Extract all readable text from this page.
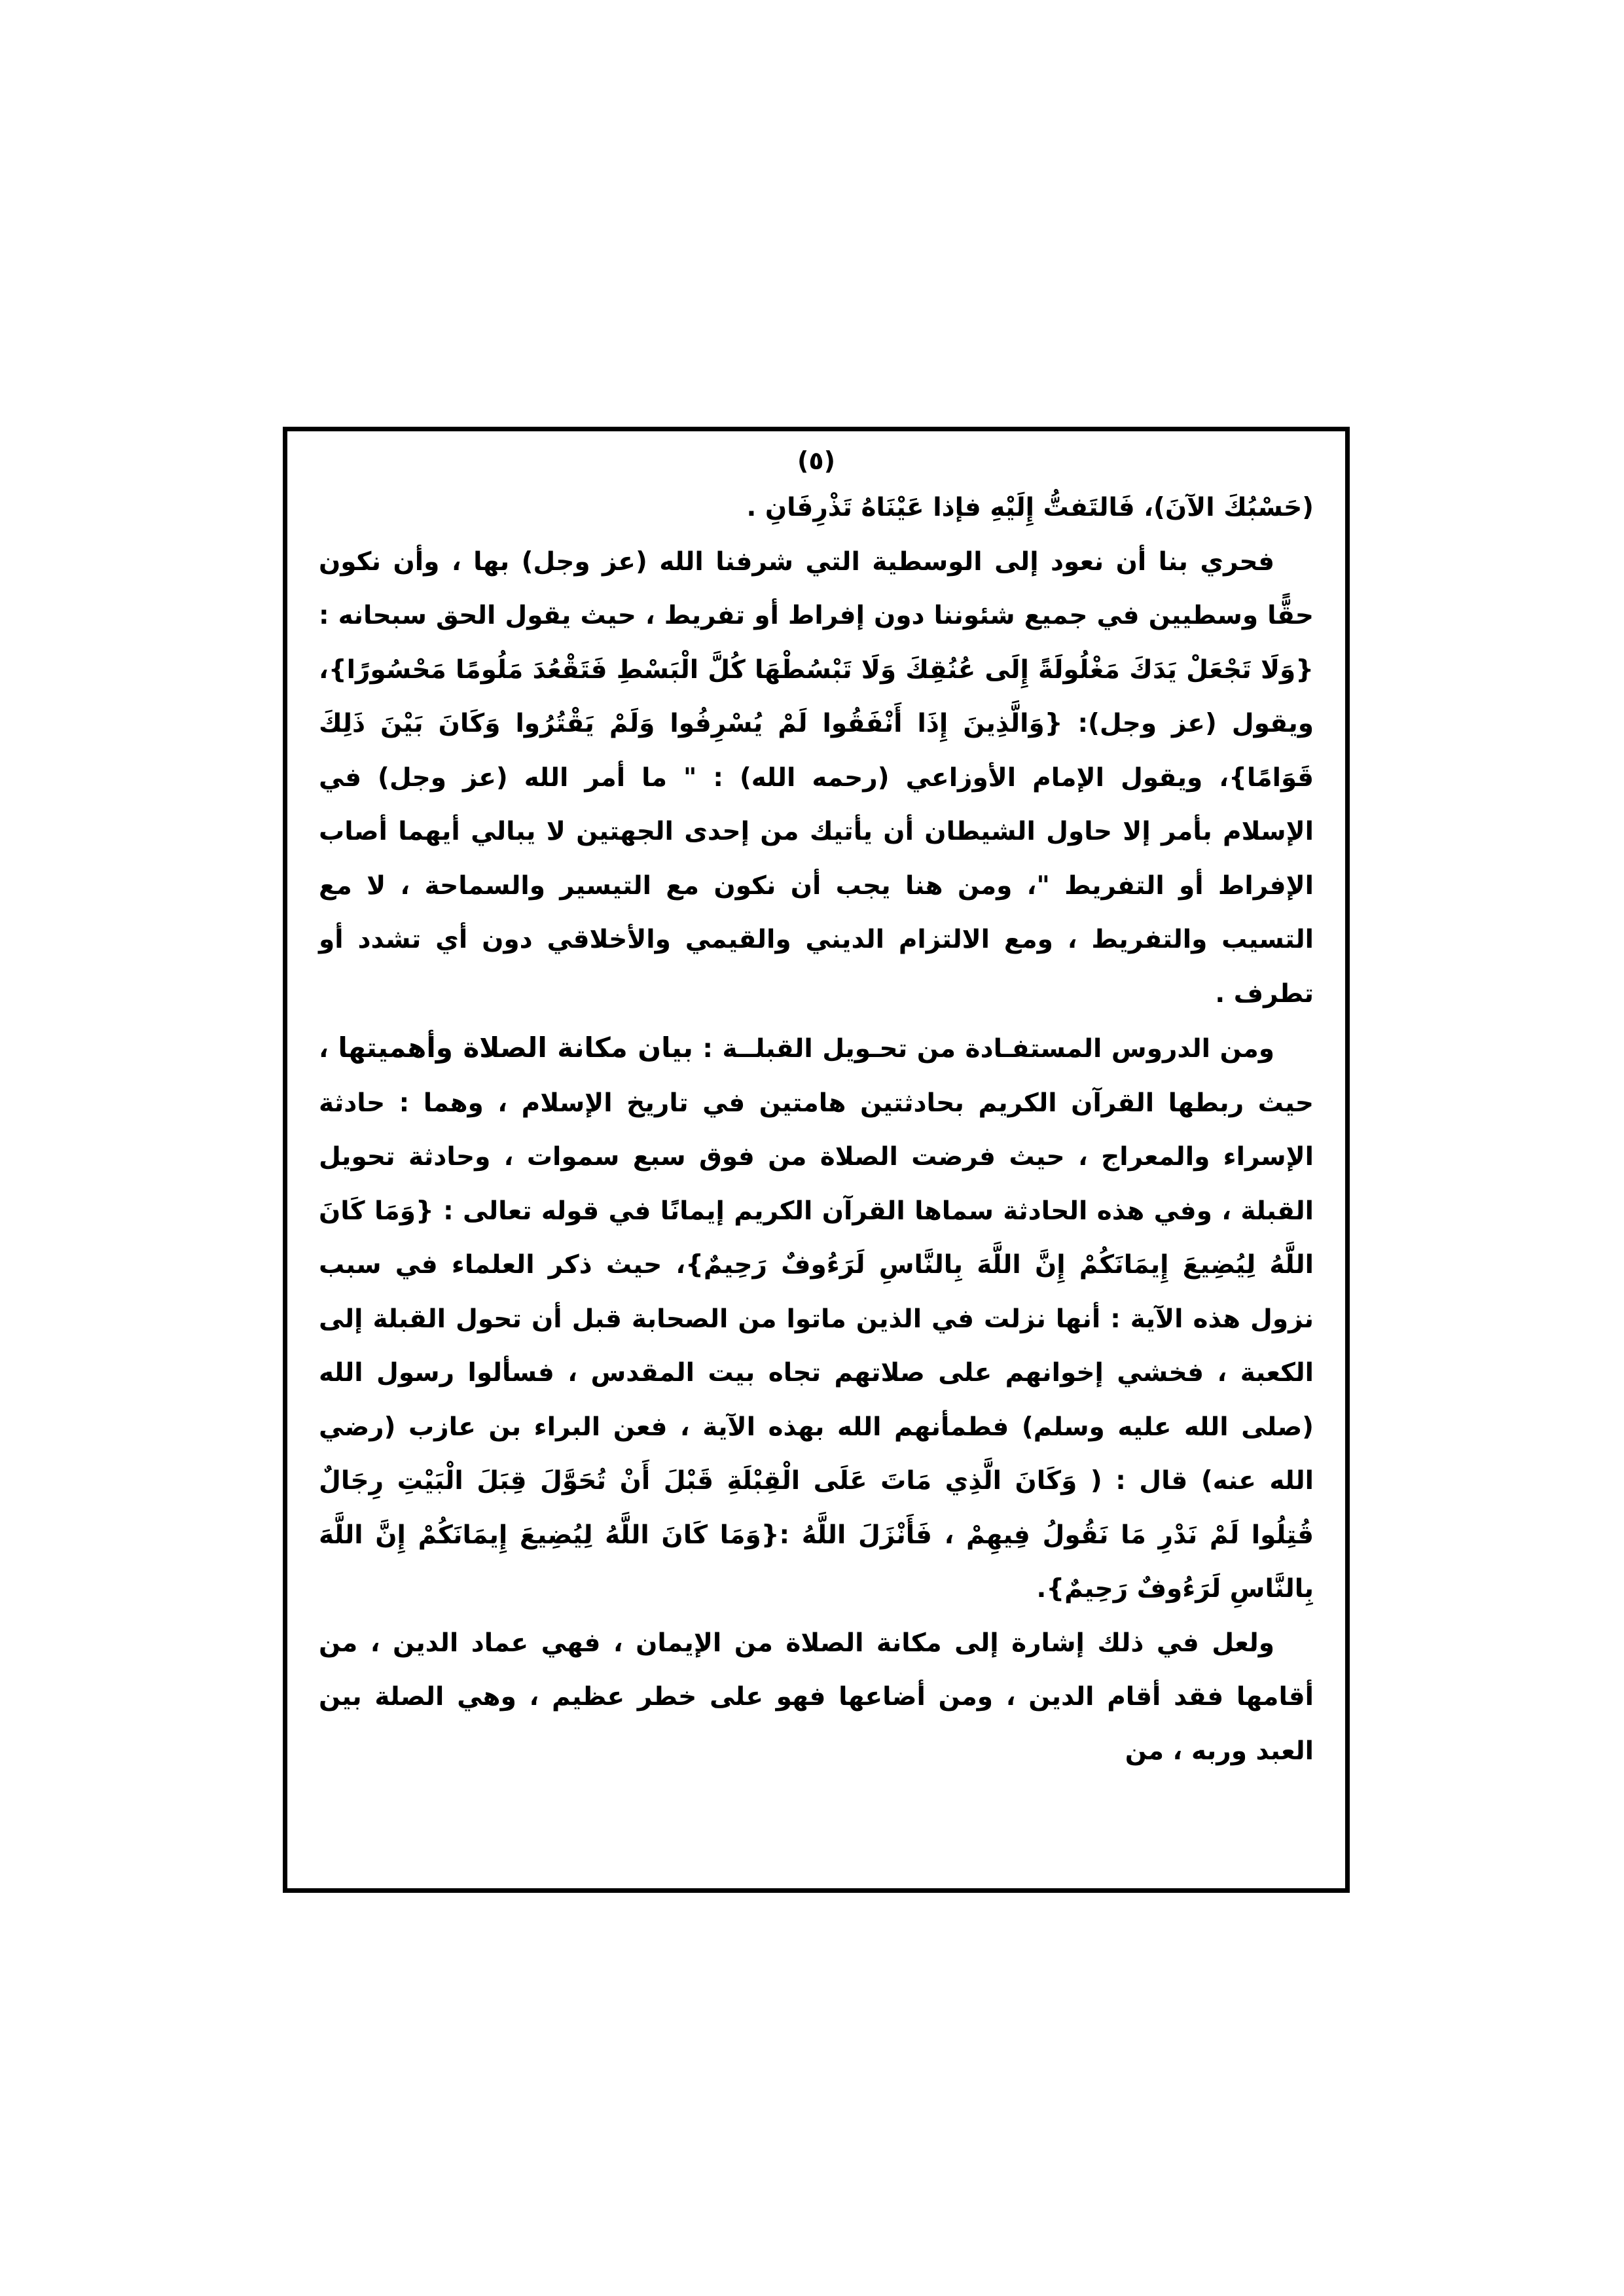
(٥)

(حَسْبُكَ الآنَ)، فَالتَفتُّ إِلَيْهِ فإذا عَيْنَاهُ تَذْرِفَانِ .

فحري بنا أن نعود إلى الوسطية التي شرفنا الله (عز وجل) بها ، وأن نكون حقًّا وسطيين في جميع شئوننا دون إفراط أو تفريط ، حيث يقول الحق سبحانه :{وَلَا تَجْعَلْ يَدَكَ مَغْلُولَةً إِلَى عُنُقِكَ وَلَا تَبْسُطْهَا كُلَّ الْبَسْطِ فَتَقْعُدَ مَلُومًا مَحْسُورًا}، ويقول (عز وجل): {وَالَّذِينَ إِذَا أَنْفَقُوا لَمْ يُسْرِفُوا وَلَمْ يَقْتُرُوا وَكَانَ بَيْنَ ذَلِكَ قَوَامًا}، ويقول الإمام الأوزاعي (رحمه الله) : " ما أمر الله (عز وجل) في الإسلام بأمر إلا حاول الشيطان أن يأتيك من إحدى الجهتين لا يبالي أيهما أصاب الإفراط أو التفريط "، ومن هنا يجب أن نكون مع التيسير والسماحة ، لا مع التسيب والتفريط ، ومع الالتزام الديني والقيمي والأخلاقي دون أي تشدد أو تطرف .

ومن الدروس المستفـادة من تحـويل القبلــة : بيان مكانة الصلاة وأهميتها ، حيث ربطها القرآن الكريم بحادثتين هامتين في تاريخ الإسلام ، وهما : حادثة الإسراء والمعراج ، حيث فرضت الصلاة من فوق سبع سموات ، وحادثة تحويل القبلة ، وفي هذه الحادثة سماها القرآن الكريم إيمانًا في قوله تعالى : {وَمَا كَانَ اللَّهُ لِيُضِيعَ إِيمَانَكُمْ إِنَّ اللَّهَ بِالنَّاسِ لَرَءُوفٌ رَحِيمٌ}، حيث ذكر العلماء في سبب نزول هذه الآية : أنها نزلت في الذين ماتوا من الصحابة قبل أن تحول القبلة إلى الكعبة ، فخشي إخوانهم على صلاتهم تجاه بيت المقدس ، فسألوا رسول الله (صلى الله عليه وسلم) فطمأنهم الله بهذه الآية ، فعن البراء بن عازب (رضي الله عنه) قال : ( وَكَانَ الَّذِي مَاتَ عَلَى الْقِبْلَةِ قَبْلَ أَنْ تُحَوَّلَ قِبَلَ الْبَيْتِ رِجَالٌ قُتِلُوا لَمْ نَدْرِ مَا نَقُولُ فِيهِمْ ، فَأَنْزَلَ اللَّهُ :{وَمَا كَانَ اللَّهُ لِيُضِيعَ إِيمَانَكُمْ إِنَّ اللَّهَ بِالنَّاسِ لَرَءُوفٌ رَحِيمٌ}.

ولعل في ذلك إشارة إلى مكانة الصلاة من الإيمان ، فهي عماد الدين ، من أقامها فقد أقام الدين ، ومن أضاعها فهو على خطر عظيم ، وهي الصلة بين العبد وربه ، من
